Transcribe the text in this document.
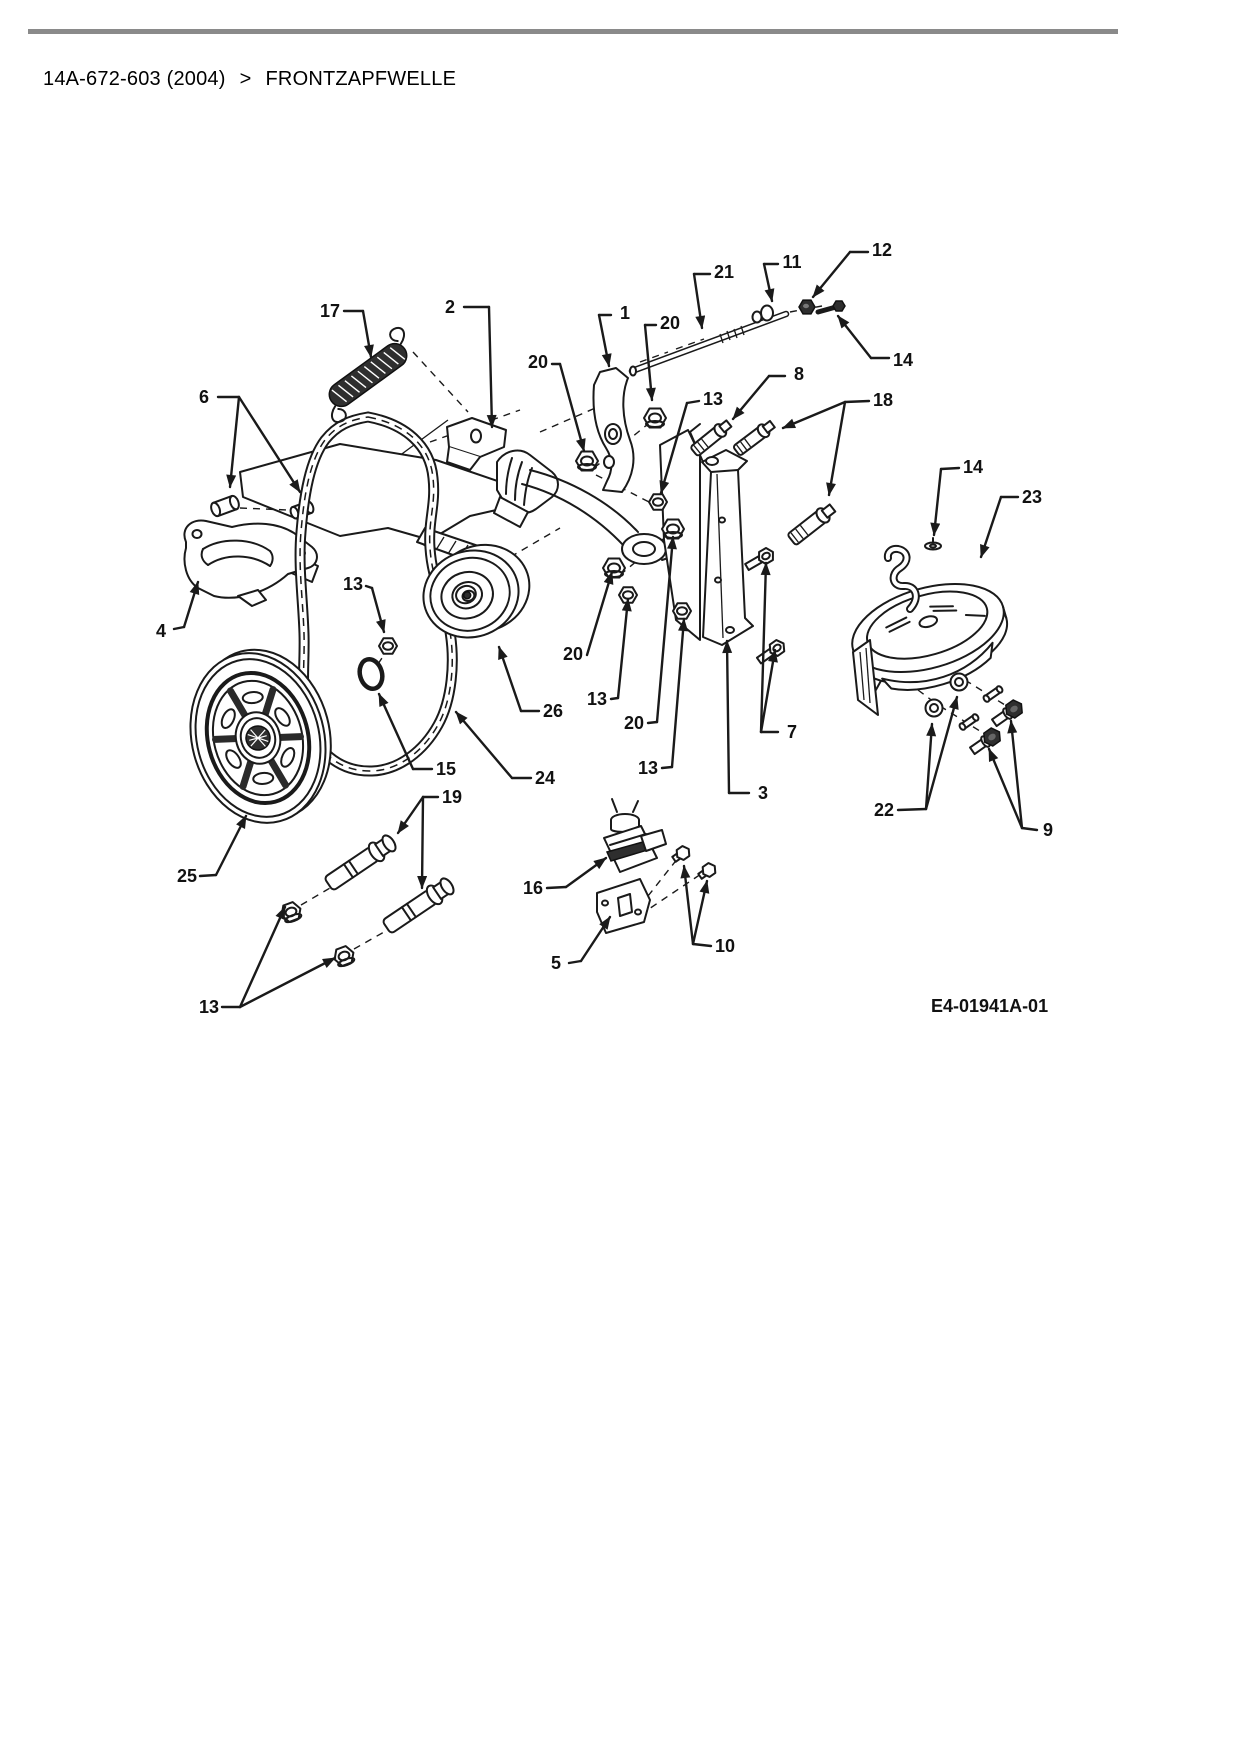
14A-672-603 (2004) > FRONTZAPFWELLE
1
2
3
4
5
6
7
8
9
10
11
12
13
13
13
13
13
14
14
15
16
17
18
19
20
20
20
20
21
22
23
24
25
26
E4-01941A-01
